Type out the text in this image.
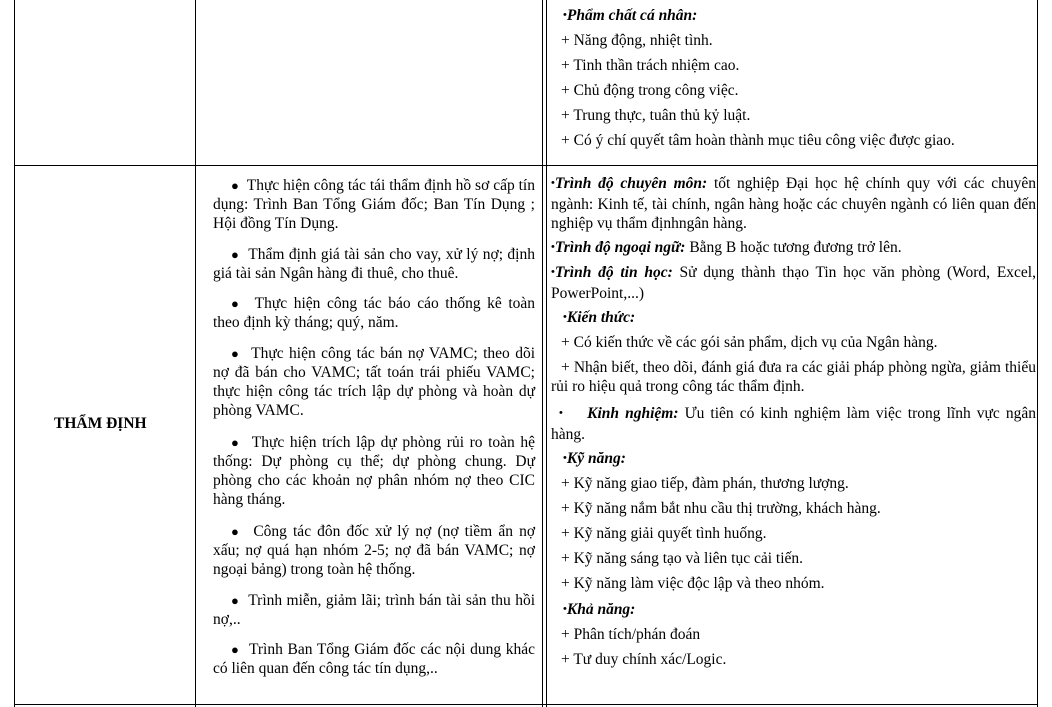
•Phẩm chất cá nhân:
+ Năng động, nhiệt tình.
+ Tinh thần trách nhiệm cao.
+ Chủ động trong công việc.
+ Trung thực, tuân thủ kỷ luật.
+ Có ý chí quyết tâm hoàn thành mục tiêu công việc được giao.
THẨM ĐỊNH
● Thực hiện công tác tái thẩm định hồ sơ cấp tín dụng: Trình Ban Tổng Giám đốc; Ban Tín Dụng ; Hội đồng Tín Dụng.
● Thẩm định giá tài sản cho vay, xử lý nợ; định giá tài sản Ngân hàng đi thuê, cho thuê.
● Thực hiện công tác báo cáo thống kê toàn theo định kỳ tháng; quý, năm.
● Thực hiện công tác bán nợ VAMC; theo dõi nợ đã bán cho VAMC; tất toán trái phiếu VAMC; thực hiện công tác trích lập dự phòng và hoàn dự phòng VAMC.
● Thực hiện trích lập dự phòng rủi ro toàn hệ thống: Dự phòng cụ thể; dự phòng chung. Dự phòng cho các khoản nợ phân nhóm nợ theo CIC hàng tháng.
● Công tác đôn đốc xử lý nợ (nợ tiềm ẩn nợ xấu; nợ quá hạn nhóm 2-5; nợ đã bán VAMC; nợ ngoại bảng) trong toàn hệ thống.
● Trình miễn, giảm lãi; trình bán tài sản thu hồi nợ,..
● Trình Ban Tổng Giám đốc các nội dung khác có liên quan đến công tác tín dụng,..
•Trình độ chuyên môn: tốt nghiệp Đại học hệ chính quy với các chuyên ngành: Kinh tế, tài chính, ngân hàng hoặc các chuyên ngành có liên quan đến nghiệp vụ thẩm địnhngân hàng.
•Trình độ ngoại ngữ: Bằng B hoặc tương đương trở lên.
•Trình độ tin học: Sử dụng thành thạo Tin học văn phòng (Word, Excel, PowerPoint,...)
•Kiến thức:
+ Có kiến thức về các gói sản phẩm, dịch vụ của Ngân hàng.
+ Nhận biết, theo dõi, đánh giá đưa ra các giải pháp phòng ngừa, giảm thiểu rủi ro hiệu quả trong công tác thẩm định.
• Kinh nghiệm: Ưu tiên có kinh nghiệm làm việc trong lĩnh vực ngân hàng.
•Kỹ năng:
+ Kỹ năng giao tiếp, đàm phán, thương lượng.
+ Kỹ năng nắm bắt nhu cầu thị trường, khách hàng.
+ Kỹ năng giải quyết tình huống.
+ Kỹ năng sáng tạo và liên tục cải tiến.
+ Kỹ năng làm việc độc lập và theo nhóm.
•Khả năng:
+ Phân tích/phán đoán
+ Tư duy chính xác/Logic.
